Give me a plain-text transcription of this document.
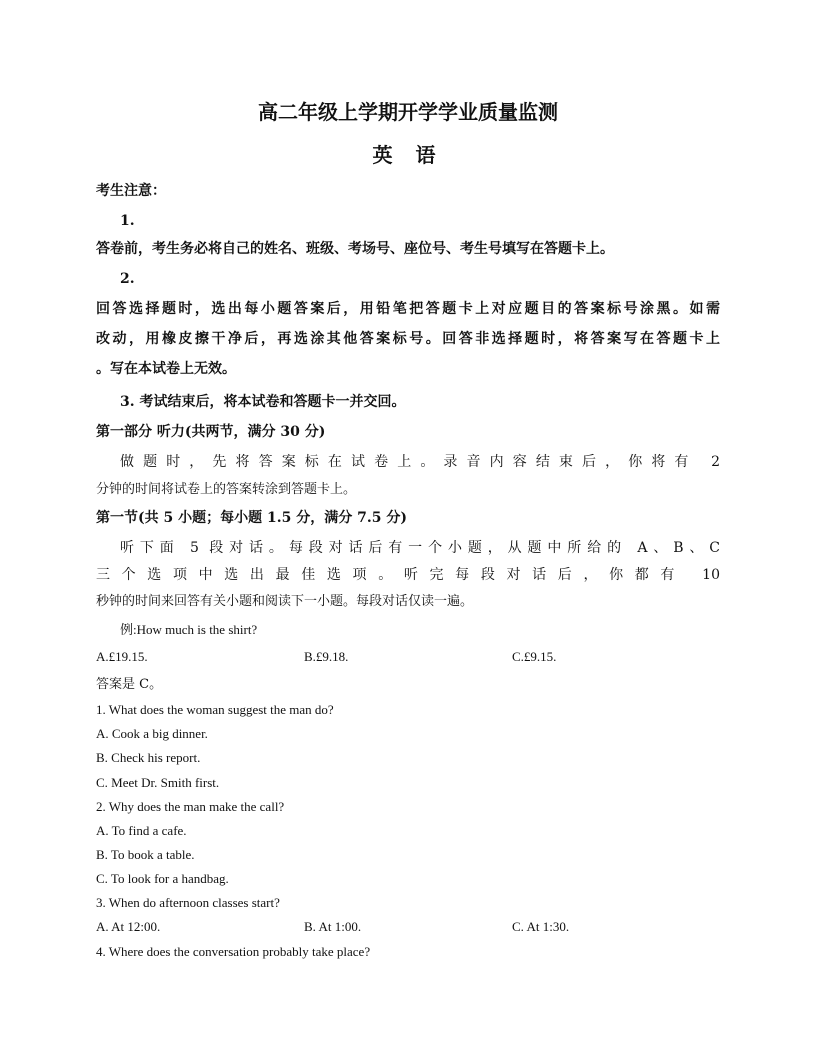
高二年级上学期开学学业质量监测
英 语
考生注意：
1.
答卷前，考生务必将自己的姓名、班级、考场号、座位号、考生号填写在答题卡上。
2.
回答选择题时，选出每小题答案后，用铅笔把答题卡上对应题目的答案标号涂黑。如需
改动，用橡皮擦干净后，再选涂其他答案标号。回答非选择题时，将答案写在答题卡上
。写在本试卷上无效。
3. 考试结束后，将本试卷和答题卡一并交回。
第一部分 听力(共两节，满分 30 分)
做题时，先将答案标在试卷上。录音内容结束后，你将有 2
分钟的时间将试卷上的答案转涂到答题卡上。
第一节(共 5 小题；每小题 1.5 分，满分 7.5 分)
听下面 5 段对话。每段对话后有一个小题，从题中所给的 A、B、C
三个选项中选出最佳选项。听完每段对话后，你都有 10
秒钟的时间来回答有关小题和阅读下一小题。每段对话仅读一遍。
例:How much is the shirt?
A.£19.15.	B.£9.18.	C.£9.15.
答案是 C。
1. What does the woman suggest the man do?
A. Cook a big dinner.
B. Check his report.
C. Meet Dr. Smith first.
2. Why does the man make the call?
A. To find a cafe.
B. To book a table.
C. To look for a handbag.
3. When do afternoon classes start?
A. At 12:00.	B. At 1:00.	C. At 1:30.
4. Where does the conversation probably take place?
